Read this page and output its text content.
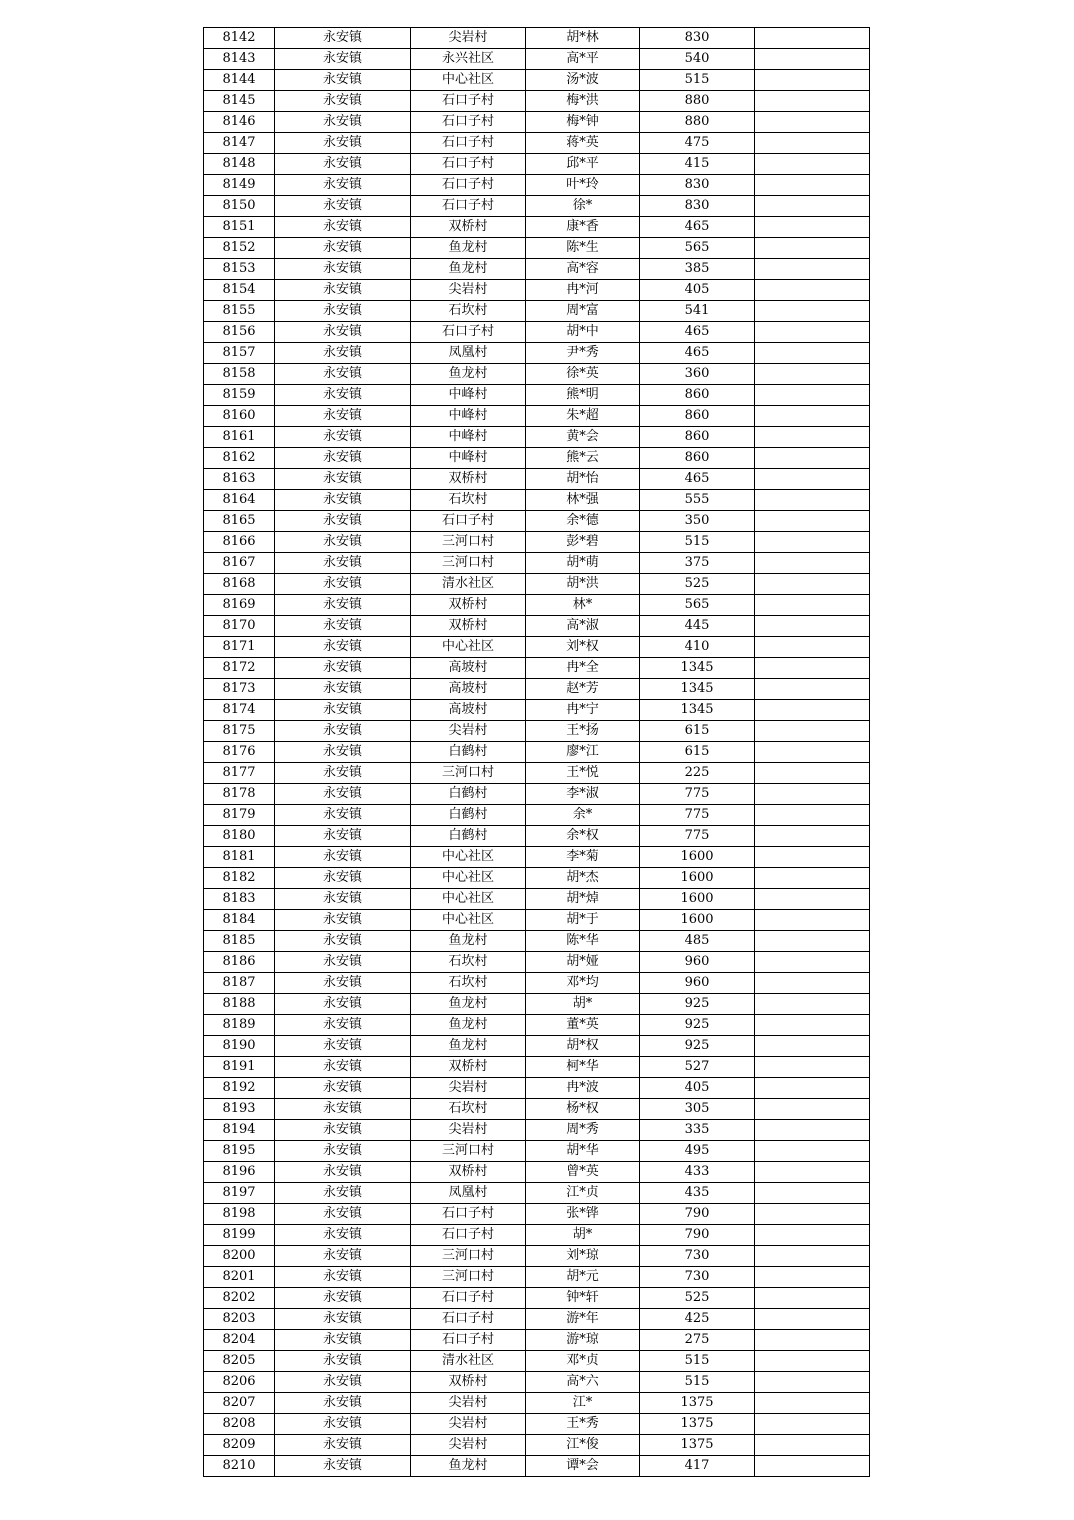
8142	永安镇	尖岩村	胡*林	830	
8143	永安镇	永兴社区	高*平	540	
8144	永安镇	中心社区	汤*波	515	
8145	永安镇	石口子村	梅*洪	880	
8146	永安镇	石口子村	梅*钟	880	
8147	永安镇	石口子村	蒋*英	475	
8148	永安镇	石口子村	邱*平	415	
8149	永安镇	石口子村	叶*玲	830	
8150	永安镇	石口子村	徐*	830	
8151	永安镇	双桥村	康*香	465	
8152	永安镇	鱼龙村	陈*生	565	
8153	永安镇	鱼龙村	高*容	385	
8154	永安镇	尖岩村	冉*河	405	
8155	永安镇	石坎村	周*富	541	
8156	永安镇	石口子村	胡*中	465	
8157	永安镇	凤凰村	尹*秀	465	
8158	永安镇	鱼龙村	徐*英	360	
8159	永安镇	中峰村	熊*明	860	
8160	永安镇	中峰村	朱*超	860	
8161	永安镇	中峰村	黄*会	860	
8162	永安镇	中峰村	熊*云	860	
8163	永安镇	双桥村	胡*怡	465	
8164	永安镇	石坎村	林*强	555	
8165	永安镇	石口子村	余*德	350	
8166	永安镇	三河口村	彭*碧	515	
8167	永安镇	三河口村	胡*萌	375	
8168	永安镇	清水社区	胡*洪	525	
8169	永安镇	双桥村	林*	565	
8170	永安镇	双桥村	高*淑	445	
8171	永安镇	中心社区	刘*权	410	
8172	永安镇	高坡村	冉*全	1345	
8173	永安镇	高坡村	赵*芳	1345	
8174	永安镇	高坡村	冉*宁	1345	
8175	永安镇	尖岩村	王*扬	615	
8176	永安镇	白鹤村	廖*江	615	
8177	永安镇	三河口村	王*悦	225	
8178	永安镇	白鹤村	李*淑	775	
8179	永安镇	白鹤村	余*	775	
8180	永安镇	白鹤村	余*权	775	
8181	永安镇	中心社区	李*菊	1600	
8182	永安镇	中心社区	胡*杰	1600	
8183	永安镇	中心社区	胡*焯	1600	
8184	永安镇	中心社区	胡*于	1600	
8185	永安镇	鱼龙村	陈*华	485	
8186	永安镇	石坎村	胡*娅	960	
8187	永安镇	石坎村	邓*均	960	
8188	永安镇	鱼龙村	胡*	925	
8189	永安镇	鱼龙村	董*英	925	
8190	永安镇	鱼龙村	胡*权	925	
8191	永安镇	双桥村	柯*华	527	
8192	永安镇	尖岩村	冉*波	405	
8193	永安镇	石坎村	杨*权	305	
8194	永安镇	尖岩村	周*秀	335	
8195	永安镇	三河口村	胡*华	495	
8196	永安镇	双桥村	曾*英	433	
8197	永安镇	凤凰村	江*贞	435	
8198	永安镇	石口子村	张*铧	790	
8199	永安镇	石口子村	胡*	790	
8200	永安镇	三河口村	刘*琼	730	
8201	永安镇	三河口村	胡*元	730	
8202	永安镇	石口子村	钟*轩	525	
8203	永安镇	石口子村	游*年	425	
8204	永安镇	石口子村	游*琼	275	
8205	永安镇	清水社区	邓*贞	515	
8206	永安镇	双桥村	高*六	515	
8207	永安镇	尖岩村	江*	1375	
8208	永安镇	尖岩村	王*秀	1375	
8209	永安镇	尖岩村	江*俊	1375	
8210	永安镇	鱼龙村	谭*会	417	
